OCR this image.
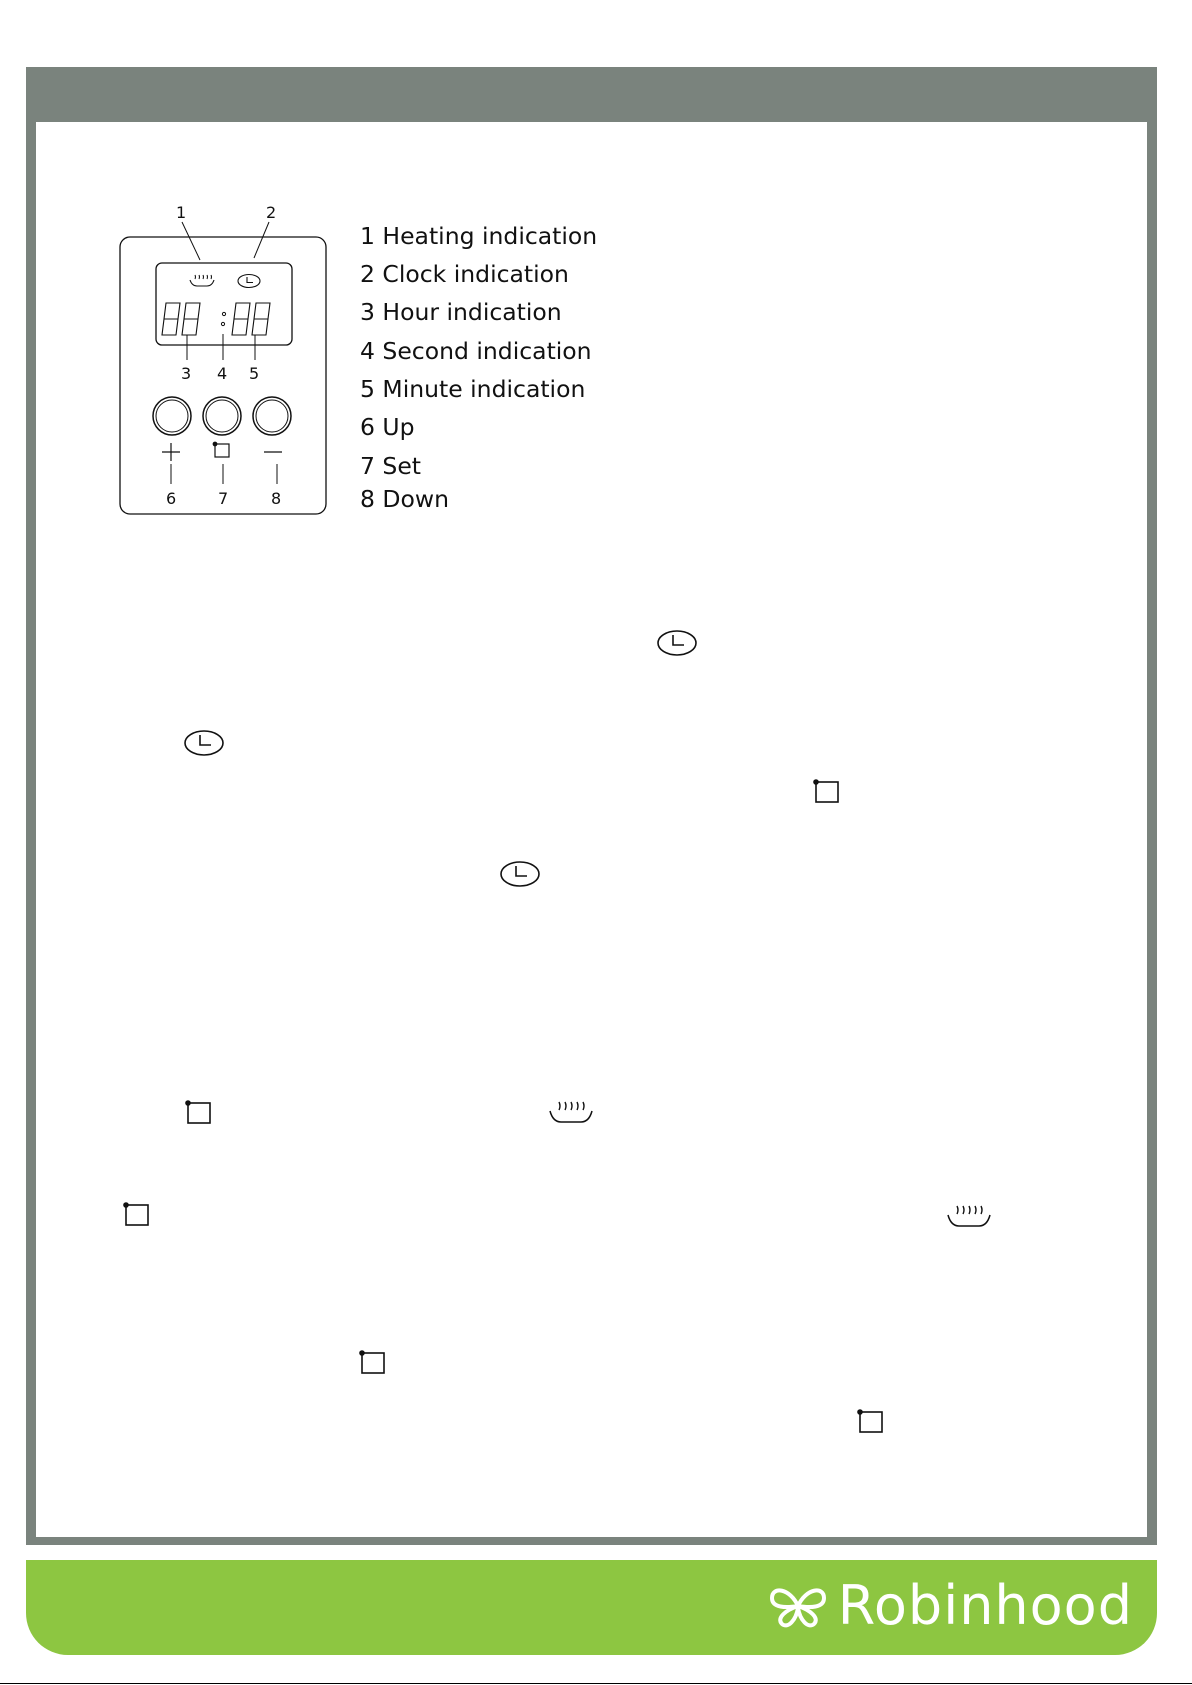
1	2
3 4 5
6	7	8
1 Heating indication
2 Clock indication
3 Hour indication
4 Second indication
5 Minute indication
6 Up
7 Set
8 Down
Robinhood
